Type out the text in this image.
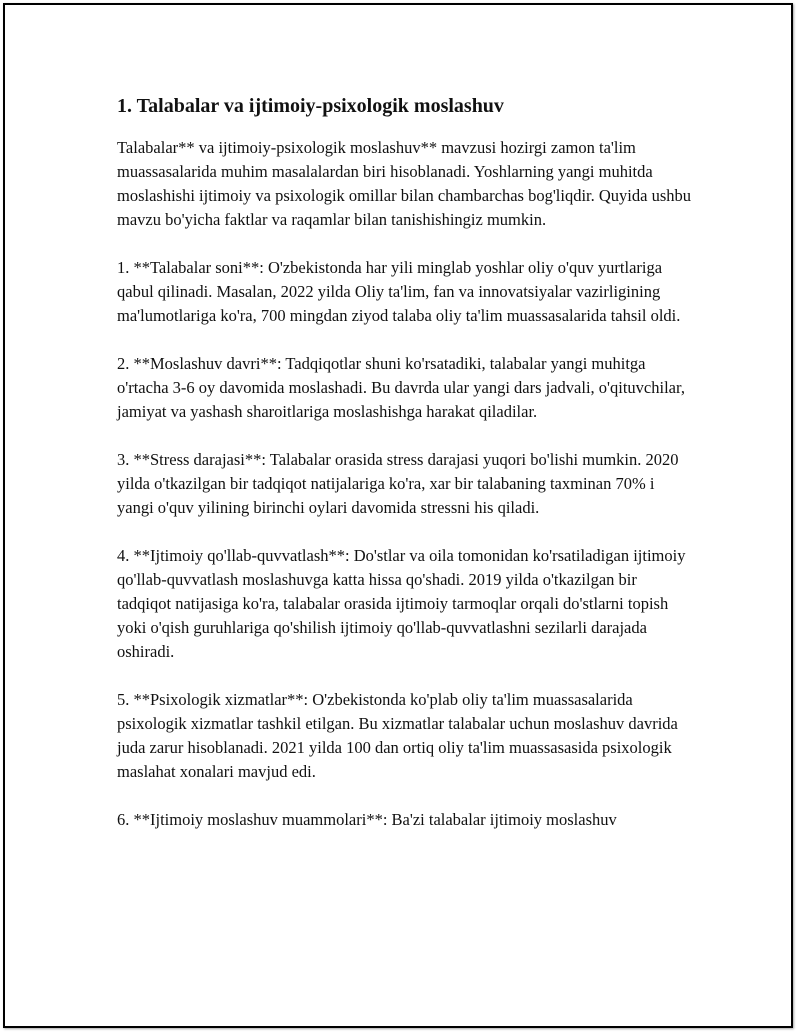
1. Talabalar va ijtimoiy-psixologik moslashuv

Talabalar** va ijtimoiy-psixologik moslashuv** mavzusi hozirgi zamon ta'lim muassasalarida muhim masalalardan biri hisoblanadi. Yoshlarning yangi muhitda moslashishi ijtimoiy va psixologik omillar bilan chambarchas bog'liqdir. Quyida ushbu mavzu bo'yicha faktlar va raqamlar bilan tanishishingiz mumkin.

1. **Talabalar soni**: O'zbekistonda har yili minglab yoshlar oliy o'quv yurtlariga qabul qilinadi. Masalan, 2022 yilda Oliy ta'lim, fan va innovatsiyalar vazirligining ma'lumotlariga ko'ra, 700 mingdan ziyod talaba oliy ta'lim muassasalarida tahsil oldi.

2. **Moslashuv davri**: Tadqiqotlar shuni ko'rsatadiki, talabalar yangi muhitga o'rtacha 3-6 oy davomida moslashadi. Bu davrda ular yangi dars jadvali, o'qituvchilar, jamiyat va yashash sharoitlariga moslashishga harakat qiladilar.

3. **Stress darajasi**: Talabalar orasida stress darajasi yuqori bo'lishi mumkin. 2020 yilda o'tkazilgan bir tadqiqot natijalariga ko'ra, xar bir talabaning taxminan 70% i yangi o'quv yilining birinchi oylari davomida stressni his qiladi.

4. **Ijtimoiy qo'llab-quvvatlash**: Do'stlar va oila tomonidan ko'rsatiladigan ijtimoiy qo'llab-quvvatlash moslashuvga katta hissa qo'shadi. 2019 yilda o'tkazilgan bir tadqiqot natijasiga ko'ra, talabalar orasida ijtimoiy tarmoqlar orqali do'stlarni topish yoki o'qish guruhlariga qo'shilish ijtimoiy qo'llab-quvvatlashni sezilarli darajada oshiradi.

5. **Psixologik xizmatlar**: O'zbekistonda ko'plab oliy ta'lim muassasalarida psixologik xizmatlar tashkil etilgan. Bu xizmatlar talabalar uchun moslashuv davrida juda zarur hisoblanadi. 2021 yilda 100 dan ortiq oliy ta'lim muassasasida psixologik maslahat xonalari mavjud edi.

6. **Ijtimoiy moslashuv muammolari**: Ba'zi talabalar ijtimoiy moslashuv
